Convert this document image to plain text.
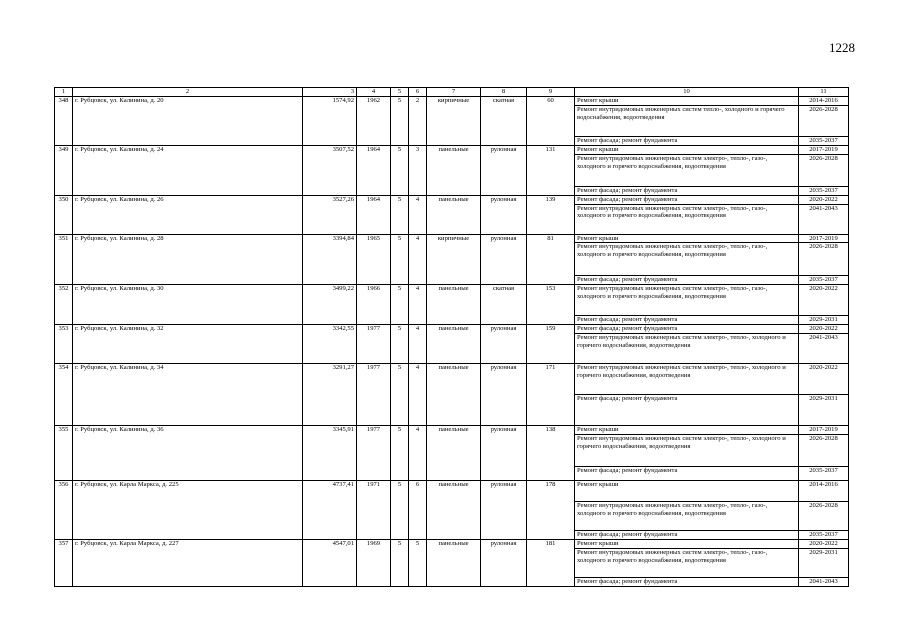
1228
1	2	3	4	5	6	7	8	9	10	11
348	г. Рубцовск, ул. Калинина, д. 20	1574,92	1962	5	2	кирпичные	скатная	60	Ремонт крыши	2014-2016
									Ремонт внутридомовых инженерных систем тепло-, холодного и горячего водоснабжения, водоотведения	2026-2028
									Ремонт фасада; ремонт фундамента	2035-2037
349	г. Рубцовск, ул. Калинина, д. 24	3507,52	1964	5	3	панельные	рулонная	131	Ремонт крыши	2017-2019
									Ремонт внутридомовых инженерных систем электро-, тепло-, газо-, холодного и горячего водоснабжения, водоотведения	2026-2028
									Ремонт фасада; ремонт фундамента	2035-2037
350	г. Рубцовск, ул. Калинина, д. 26	3527,26	1964	5	4	панельные	рулонная	139	Ремонт фасада; ремонт фундамента	2020-2022
									Ремонт внутридомовых инженерных систем электро-, тепло-, газо-, холодного и горячего водоснабжения, водоотведения	2041-2043
351	г. Рубцовск, ул. Калинина, д. 28	3394,84	1965	5	4	кирпичные	рулонная	81	Ремонт крыши	2017-2019
									Ремонт внутридомовых инженерных систем электро-, тепло-, газо-, холодного и горячего водоснабжения, водоотведения	2026-2028
									Ремонт фасада; ремонт фундамента	2035-2037
352	г. Рубцовск, ул. Калинина, д. 30	3499,22	1966	5	4	панельные	скатная	153	Ремонт внутридомовых инженерных систем электро-, тепло-, газо-, холодного и горячего водоснабжения, водоотведения	2020-2022
									Ремонт фасада; ремонт фундамента	2029-2031
353	г. Рубцовск, ул. Калинина, д. 32	3342,55	1977	5	4	панельные	рулонная	159	Ремонт фасада; ремонт фундамента	2020-2022
									Ремонт внутридомовых инженерных систем электро-, тепло-, холодного и горячего водоснабжения, водоотведения	2041-2043
354	г. Рубцовск, ул. Калинина, д. 34	3291,27	1977	5	4	панельные	рулонная	171	Ремонт внутридомовых инженерных систем электро-, тепло-, холодного и горячего водоснабжения, водоотведения	2020-2022
									Ремонт фасада; ремонт фундамента	2029-2031
355	г. Рубцовск, ул. Калинина, д. 36	3345,91	1977	5	4	панельные	рулонная	138	Ремонт крыши	2017-2019
									Ремонт внутридомовых инженерных систем электро-, тепло-, холодного и горячего водоснабжения, водоотведения	2026-2028
									Ремонт фасада; ремонт фундамента	2035-2037
356	г. Рубцовск, ул. Карла Маркса, д. 225	4737,41	1971	5	6	панельные	рулонная	178	Ремонт крыши	2014-2016
									Ремонт внутридомовых инженерных систем электро-, тепло-, газо-, холодного и горячего водоснабжения, водоотведения	2026-2028
									Ремонт фасада; ремонт фундамента	2035-2037
357	г. Рубцовск, ул. Карла Маркса, д. 227	4547,01	1969	5	5	панельные	рулонная	181	Ремонт крыши	2020-2022
									Ремонт внутридомовых инженерных систем электро-, тепло-, газо-, холодного и горячего водоснабжения, водоотведения	2029-2031
									Ремонт фасада; ремонт фундамента	2041-2043
